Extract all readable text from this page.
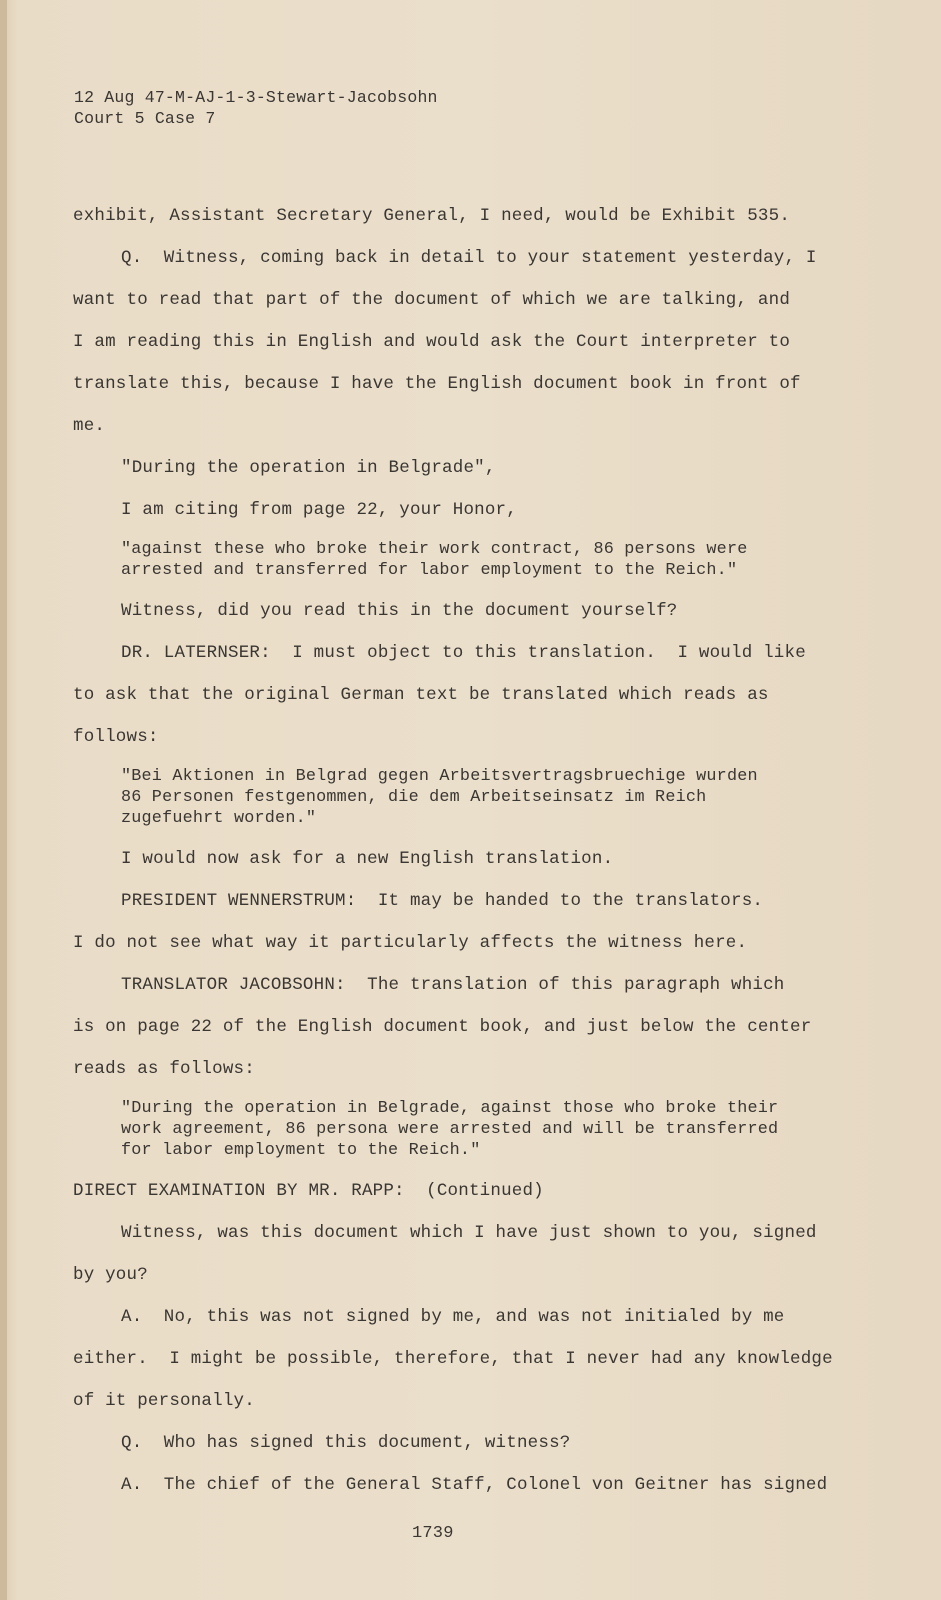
12 Aug 47-M-AJ-1-3-Stewart-Jacobsohn
Court 5 Case 7
exhibit, Assistant Secretary General, I need, would be Exhibit 535.
Q.  Witness, coming back in detail to your statement yesterday, I
want to read that part of the document of which we are talking, and
I am reading this in English and would ask the Court interpreter to
translate this, because I have the English document book in front of
me.
"During the operation in Belgrade",
I am citing from page 22, your Honor,
"against these who broke their work contract, 86 persons were
arrested and transferred for labor employment to the Reich."
Witness, did you read this in the document yourself?
DR. LATERNSER:  I must object to this translation.  I would like
to ask that the original German text be translated which reads as
follows:
"Bei Aktionen in Belgrad gegen Arbeitsvertragsbruechige wurden
86 Personen festgenommen, die dem Arbeitseinsatz im Reich
zugefuehrt worden."
I would now ask for a new English translation.
PRESIDENT WENNERSTRUM:  It may be handed to the translators.
I do not see what way it particularly affects the witness here.
TRANSLATOR JACOBSOHN:  The translation of this paragraph which
is on page 22 of the English document book, and just below the center
reads as follows:
"During the operation in Belgrade, against those who broke their
work agreement, 86 persona were arrested and will be transferred
for labor employment to the Reich."
DIRECT EXAMINATION BY MR. RAPP:  (Continued)
Witness, was this document which I have just shown to you, signed
by you?
A.  No, this was not signed by me, and was not initialed by me
either.  I might be possible, therefore, that I never had any knowledge
of it personally.
Q.  Who has signed this document, witness?
A.  The chief of the General Staff, Colonel von Geitner has signed
1739
